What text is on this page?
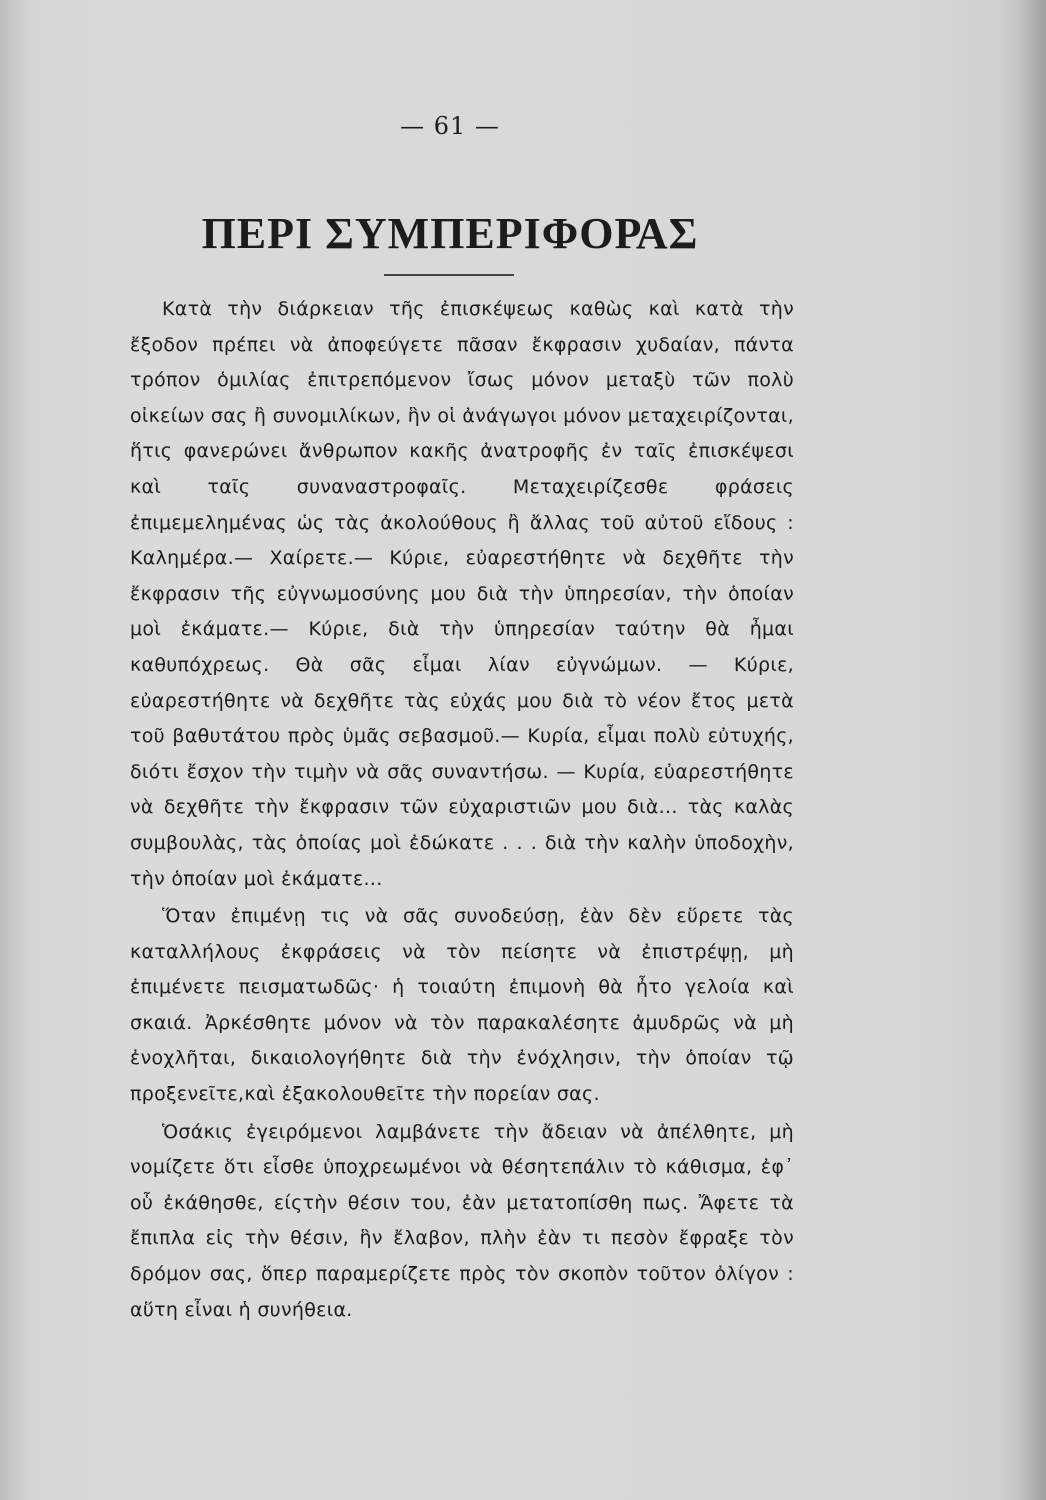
— 61 —
ΠΕΡΙ ΣΥΜΠΕΡΙΦΟΡΑΣ

Κατὰ τὴν διάρκειαν τῆς ἐπισκέψεως καθὼς καὶ κατὰ τὴν ἔξοδον πρέπει νὰ ἀποφεύγετε πᾶσαν ἔκφρασιν χυδαίαν, πάντα τρόπον ὁμιλίας ἐπιτρεπόμενον ἴσως μόνον μεταξὺ τῶν πολὺ οἰκείων σας ἢ συνομιλίκων, ἣν οἱ ἀνάγωγοι μόνον μεταχειρίζονται, ἥτις φανερώνει ἄνθρωπον κακῆς ἀνατροφῆς ἐν ταῖς ἐπισκέψεσι καὶ ταῖς συναναστροφαῖς. Μεταχειρίζεσθε φράσεις ἐπιμεμελημένας ὡς τὰς ἀκολούθους ἢ ἄλλας τοῦ αὐτοῦ εἴδους : Καλημέρα.— Χαίρετε.— Κύριε, εὐαρεστήθητε νὰ δεχθῆτε τὴν ἔκφρασιν τῆς εὐγνωμοσύνης μου διὰ τὴν ὑπηρεσίαν, τὴν ὁποίαν μοὶ ἐκάματε.— Κύριε, διὰ τὴν ὑπηρεσίαν ταύτην θὰ ἦμαι καθυπόχρεως. Θὰ σᾶς εἶμαι λίαν εὐγνώμων. — Κύριε, εὐαρεστήθητε νὰ δεχθῆτε τὰς εὐχάς μου διὰ τὸ νέον ἔτος μετὰ τοῦ βαθυτάτου πρὸς ὑμᾶς σεβασμοῦ.— Κυρία, εἶμαι πολὺ εὐτυχής, διότι ἔσχον τὴν τιμὴν νὰ σᾶς συναντήσω. — Κυρία, εὐαρεστήθητε νὰ δεχθῆτε τὴν ἔκφρασιν τῶν εὐχαριστιῶν μου διὰ... τὰς καλὰς συμβουλὰς, τὰς ὁποίας μοὶ ἐδώκατε . . . διὰ τὴν καλὴν ὑποδοχὴν, τὴν ὁποίαν μοὶ ἐκάματε...

Ὅταν ἐπιμένῃ τις νὰ σᾶς συνοδεύσῃ, ἐὰν δὲν εὕρετε τὰς καταλλήλους ἐκφράσεις νὰ τὸν πείσητε νὰ ἐπιστρέψῃ, μὴ ἐπιμένετε πεισματωδῶς· ἡ τοιαύτη ἐπιμονὴ θὰ ἦτο γελοία καὶ σκαιά. Ἀρκέσθητε μόνον νὰ τὸν παρακαλέσητε ἀμυδρῶς νὰ μὴ ἐνοχλῆται, δικαιολογήθητε διὰ τὴν ἐνόχλησιν, τὴν ὁποίαν τῷ προξενεῖτε,καὶ ἐξακολουθεῖτε τὴν πορείαν σας.

Ὁσάκις ἐγειρόμενοι λαμβάνετε τὴν ἄδειαν νὰ ἀπέλθητε, μὴ νομίζετε ὅτι εἶσθε ὑποχρεωμένοι νὰ θέσητεπάλιν τὸ κάθισμα, ἐφ᾽ οὗ ἐκάθησθε, είςτὴν θέσιν του, ἐὰν μετατοπίσθη πως. Ἄφετε τὰ ἔπιπλα εἰς τὴν θέσιν, ἣν ἔλαβον, πλὴν ἐὰν τι πεσὸν ἔφραξε τὸν δρόμον σας, ὅπερ παραμερίζετε πρὸς τὸν σκοπὸν τοῦτον ὀλίγον : αὕτη εἶναι ἡ συνήθεια.
